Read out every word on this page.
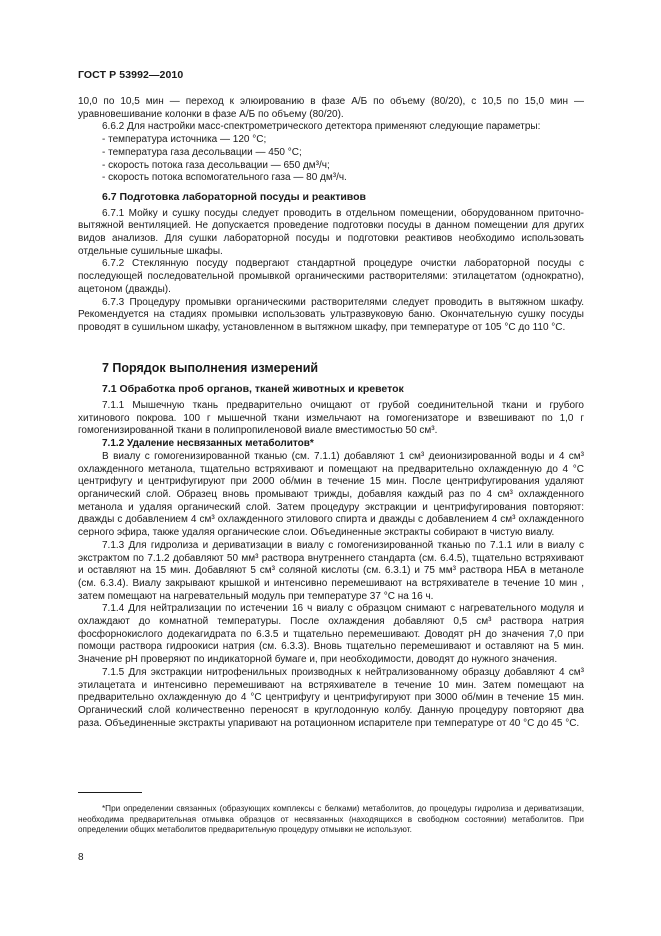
ГОСТ Р 53992—2010

10,0 по 10,5 мин — переход к элюированию в фазе А/Б по объему (80/20), с 10,5 по 15,0 мин — уравновешивание колонки в фазе А/Б по объему (80/20).

6.6.2 Для настройки масс-спектрометрического детектора применяют следующие параметры:

- температура источника — 120 °С;

- температура газа десольвации — 450 °С;

- скорость потока газа десольвации — 650 дм³/ч;

- скорость потока вспомогательного газа — 80 дм³/ч.

6.7 Подготовка лабораторной посуды и реактивов

6.7.1 Мойку и сушку посуды следует проводить в отдельном помещении, оборудованном приточно-вытяжной вентиляцией. Не допускается проведение подготовки посуды в данном помещении для других видов анализов. Для сушки лабораторной посуды и подготовки реактивов необходимо использовать отдельные сушильные шкафы.

6.7.2 Стеклянную посуду подвергают стандартной процедуре очистки лабораторной посуды с последующей последовательной промывкой органическими растворителями: этилацетатом (однократно), ацетоном (дважды).

6.7.3 Процедуру промывки органическими растворителями следует проводить в вытяжном шкафу. Рекомендуется на стадиях промывки использовать ультразвуковую баню. Окончательную сушку посуды проводят в сушильном шкафу, установленном в вытяжном шкафу, при температуре от 105 °С до 110 °С.

7 Порядок выполнения измерений

7.1 Обработка проб органов, тканей животных и креветок

7.1.1 Мышечную ткань предварительно очищают от грубой соединительной ткани и грубого хитинового покрова. 100 г мышечной ткани измельчают на гомогенизаторе и взвешивают по 1,0 г гомогенизированной ткани в полипропиленовой виале вместимостью 50 см³.

7.1.2 Удаление несвязанных метаболитов*

В виалу с гомогенизированной тканью (см. 7.1.1) добавляют 1 см³ деионизированной воды и 4 см³ охлажденного метанола, тщательно встряхивают и помещают на предварительно охлажденную до 4 °С центрифугу и центрифугируют при 2000 об/мин в течение 15 мин. После центрифугирования удаляют органический слой. Образец вновь промывают трижды, добавляя каждый раз по 4 см³ охлажденного метанола и удаляя органический слой. Затем процедуру экстракции и центрифугирования повторяют: дважды с добавлением 4 см³ охлажденного этилового спирта и дважды с добавлением 4 см³ охлажденного серного эфира, также удаляя органические слои. Объединенные экстракты собирают в чистую виалу.

7.1.3 Для гидролиза и дериватизации в виалу с гомогенизированной тканью по 7.1.1 или в виалу с экстрактом по 7.1.2 добавляют 50 мм³ раствора внутреннего стандарта (см. 6.4.5), тщательно встряхивают и оставляют на 15 мин. Добавляют 5 см³ соляной кислоты (см. 6.3.1) и 75 мм³ раствора НБА в метаноле (см. 6.3.4). Виалу закрывают крышкой и интенсивно перемешивают на встряхивателе в течение 10 мин , затем помещают на нагревательный модуль при температуре 37 °С на 16 ч.

7.1.4 Для нейтрализации по истечении 16 ч виалу с образцом снимают с нагревательного модуля и охлаждают до комнатной температуры. После охлаждения добавляют 0,5 см³ раствора натрия фосфорнокислого додекагидрата по 6.3.5 и тщательно перемешивают. Доводят рН до значения 7,0 при помощи раствора гидроокиси натрия (см. 6.3.3). Вновь тщательно перемешивают и оставляют на 5 мин. Значение рН проверяют по индикаторной бумаге и, при необходимости, доводят до нужного значения.

7.1.5 Для экстракции нитрофенильных производных к нейтрализованному образцу добавляют 4 см³ этилацетата и интенсивно перемешивают на встряхивателе в течение 10 мин. Затем помещают на предварительно охлажденную до 4 °С центрифугу и центрифугируют при 3000 об/мин в течение 15 мин. Органический слой количественно переносят в круглодонную колбу. Данную процедуру повторяют два раза. Объединенные экстракты упаривают на ротационном испарителе при температуре от 40 °С до 45 °С.

*При определении связанных (образующих комплексы с белками) метаболитов, до процедуры гидролиза и дериватизации, необходима предварительная отмывка образцов от несвязанных (находящихся в свободном состоянии) метаболитов. При определении общих метаболитов предварительную процедуру отмывки не используют.
8
